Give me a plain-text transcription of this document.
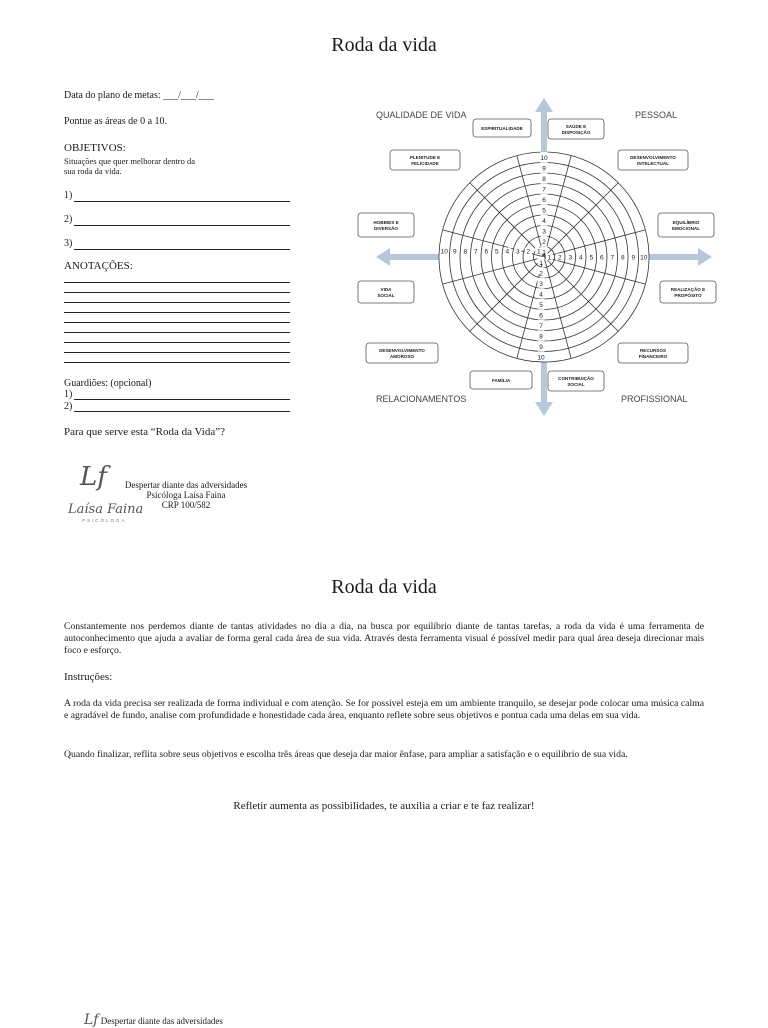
Roda da vida
Data do plano de metas: ___/___/___
Pontue as áreas de 0 a 10.
OBJETIVOS:
Situações que quer melhorar dentro da
sua roda da vida.
1)
2)
3)
ANOTAÇÕES:
Guardiões: (opcional)
1)
2)
Para que serve esta “Roda da Vida”?
Lf	Despertar diante das adversidades
Psicóloga Laísa Faina
CRP 100/582
Laísa Faina
PSICÓLOGA
1
1 1
1
2
2
2
2
3
3
3
3
4
4
4
4
5
5
5
5
6
6
6
6
7
7
7
7
8
8
8
8
9
9
9
9
10
10
10
10
ESPIRITUALIDADE	SAÚDE E
DISPOSIÇÃO
DESENVOLVIMENTO
INTELECTUAL
EQUILÍBRIO
EMOCIONAL
REALIZAÇÃO E
PROPÓSITO
RECURSOS
FINANCEIRO
CONTRIBUIÇÃO
SOCIAL
FAMÍLIA
DESENVOLVIMENTO
AMOROSO
VIDA
SOCIAL
HOBBIES E
DIVERSÃO
PLENITUDE E
FELICIDADE
QUALIDADE DE VIDA	PESSOAL
RELACIONAMENTOS	PROFISSIONAL
Roda da vida
Constantemente nos perdemos diante de tantas atividades no dia a dia, na busca por equilíbrio diante de tantas tarefas, a roda da vida é uma ferramenta de autoconhecimento que ajuda a avaliar de forma geral cada área de sua vida. Através desta ferramenta visual é possível medir para qual área deseja direcionar mais foco e esforço.
Instruções:
A roda da vida precisa ser realizada de forma individual e com atenção. Se for possível esteja em um ambiente tranquilo, se desejar pode colocar uma música calma e agradável de fundo, analise com profundidade e honestidade cada área, enquanto reflete sobre seus objetivos e pontua cada uma delas em sua vida.
Quando finalizar, reflita sobre seus objetivos e escolha três áreas que deseja dar maior ênfase, para ampliar a satisfação e o equilíbrio de sua vida.
Refletir aumenta as possibilidades, te auxilia a criar e te faz realizar!
Lf Despertar diante das adversidades
